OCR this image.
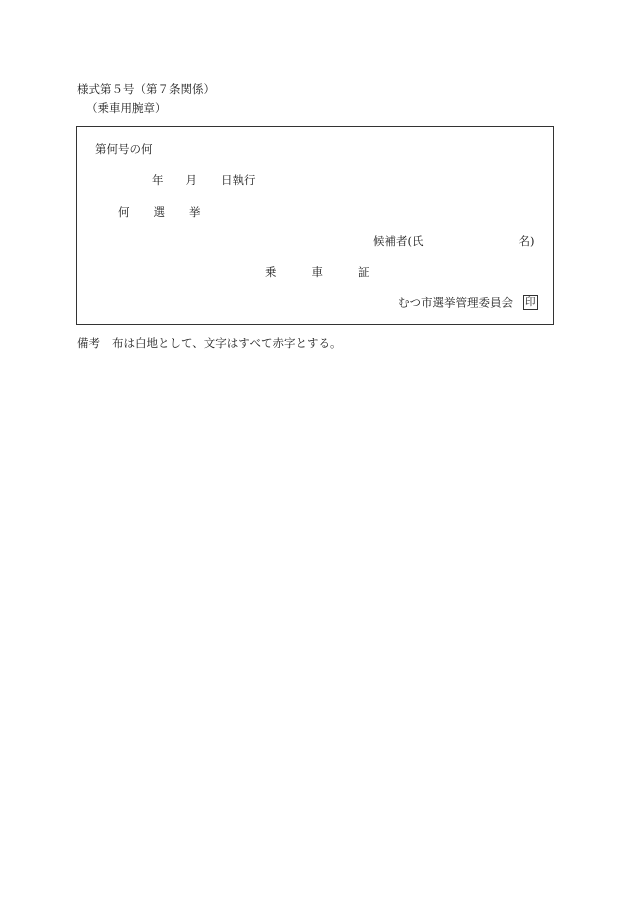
様式第５号（第７条関係）
（乗車用腕章）
第何号の何
年 月 日執行
何 選 挙
候補者(氏	名)
乗	車	証
むつ市選挙管理委員会 印
備考 布は白地として、文字はすべて赤字とする。
